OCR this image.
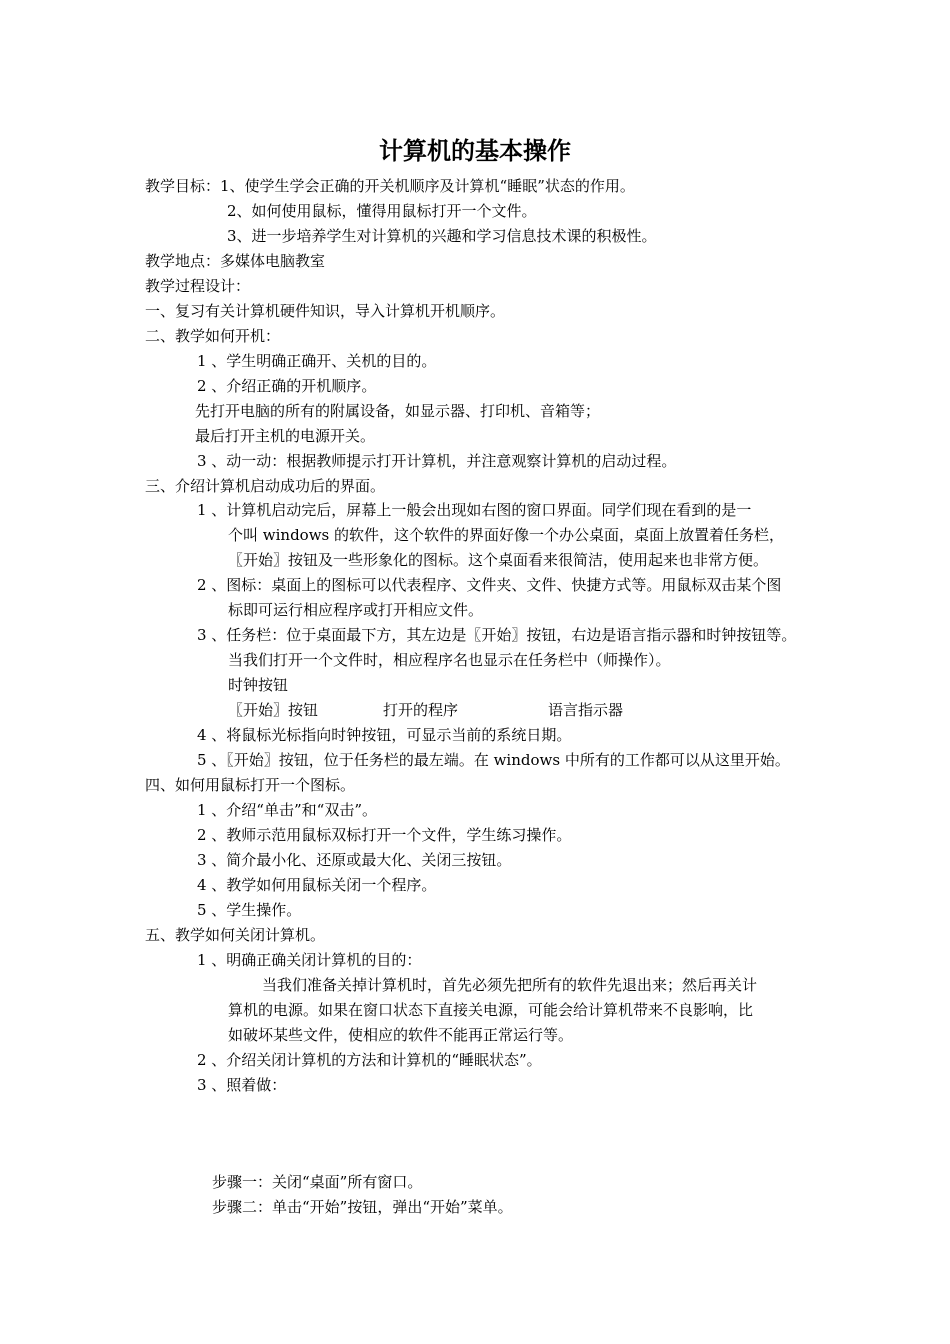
计算机的基本操作
教学目标：1、使学生学会正确的开关机顺序及计算机“睡眠”状态的作用。
2、如何使用鼠标，懂得用鼠标打开一个文件。
3、进一步培养学生对计算机的兴趣和学习信息技术课的积极性。
教学地点：多媒体电脑教室
教学过程设计：
一、复习有关计算机硬件知识，导入计算机开机顺序。
二、教学如何开机：
1 、学生明确正确开、关机的目的。
2 、介绍正确的开机顺序。
先打开电脑的所有的附属设备，如显示器、打印机、音箱等；
最后打开主机的电源开关。
3 、动一动：根据教师提示打开计算机，并注意观察计算机的启动过程。
三、介绍计算机启动成功后的界面。
1 、计算机启动完后，屏幕上一般会出现如右图的窗口界面。同学们现在看到的是一
个叫 windows 的软件，这个软件的界面好像一个办公桌面，桌面上放置着任务栏，
〖开始〗按钮及一些形象化的图标。这个桌面看来很简洁，使用起来也非常方便。
2 、图标：桌面上的图标可以代表程序、文件夹、文件、快捷方式等。用鼠标双击某个图
标即可运行相应程序或打开相应文件。
3 、任务栏：位于桌面最下方，其左边是〖开始〗按钮，右边是语言指示器和时钟按钮等。
当我们打开一个文件时，相应程序名也显示在任务栏中（师操作）。
时钟按钮
〖开始〗按钮	打开的程序	语言指示器
4 、将鼠标光标指向时钟按钮，可显示当前的系统日期。
5 、〖开始〗按钮，位于任务栏的最左端。在 windows 中所有的工作都可以从这里开始。
四、如何用鼠标打开一个图标。
1 、介绍“单击”和“双击”。
2 、教师示范用鼠标双标打开一个文件，学生练习操作。
3 、简介最小化、还原或最大化、关闭三按钮。
4 、教学如何用鼠标关闭一个程序。
5 、学生操作。
五、教学如何关闭计算机。
1 、明确正确关闭计算机的目的：
当我们准备关掉计算机时，首先必须先把所有的软件先退出来；然后再关计
算机的电源。如果在窗口状态下直接关电源，可能会给计算机带来不良影响，比
如破坏某些文件，使相应的软件不能再正常运行等。
2 、介绍关闭计算机的方法和计算机的“睡眠状态”。
3 、照着做：
步骤一：关闭“桌面”所有窗口。
步骤二：单击“开始”按钮，弹出“开始”菜单。
